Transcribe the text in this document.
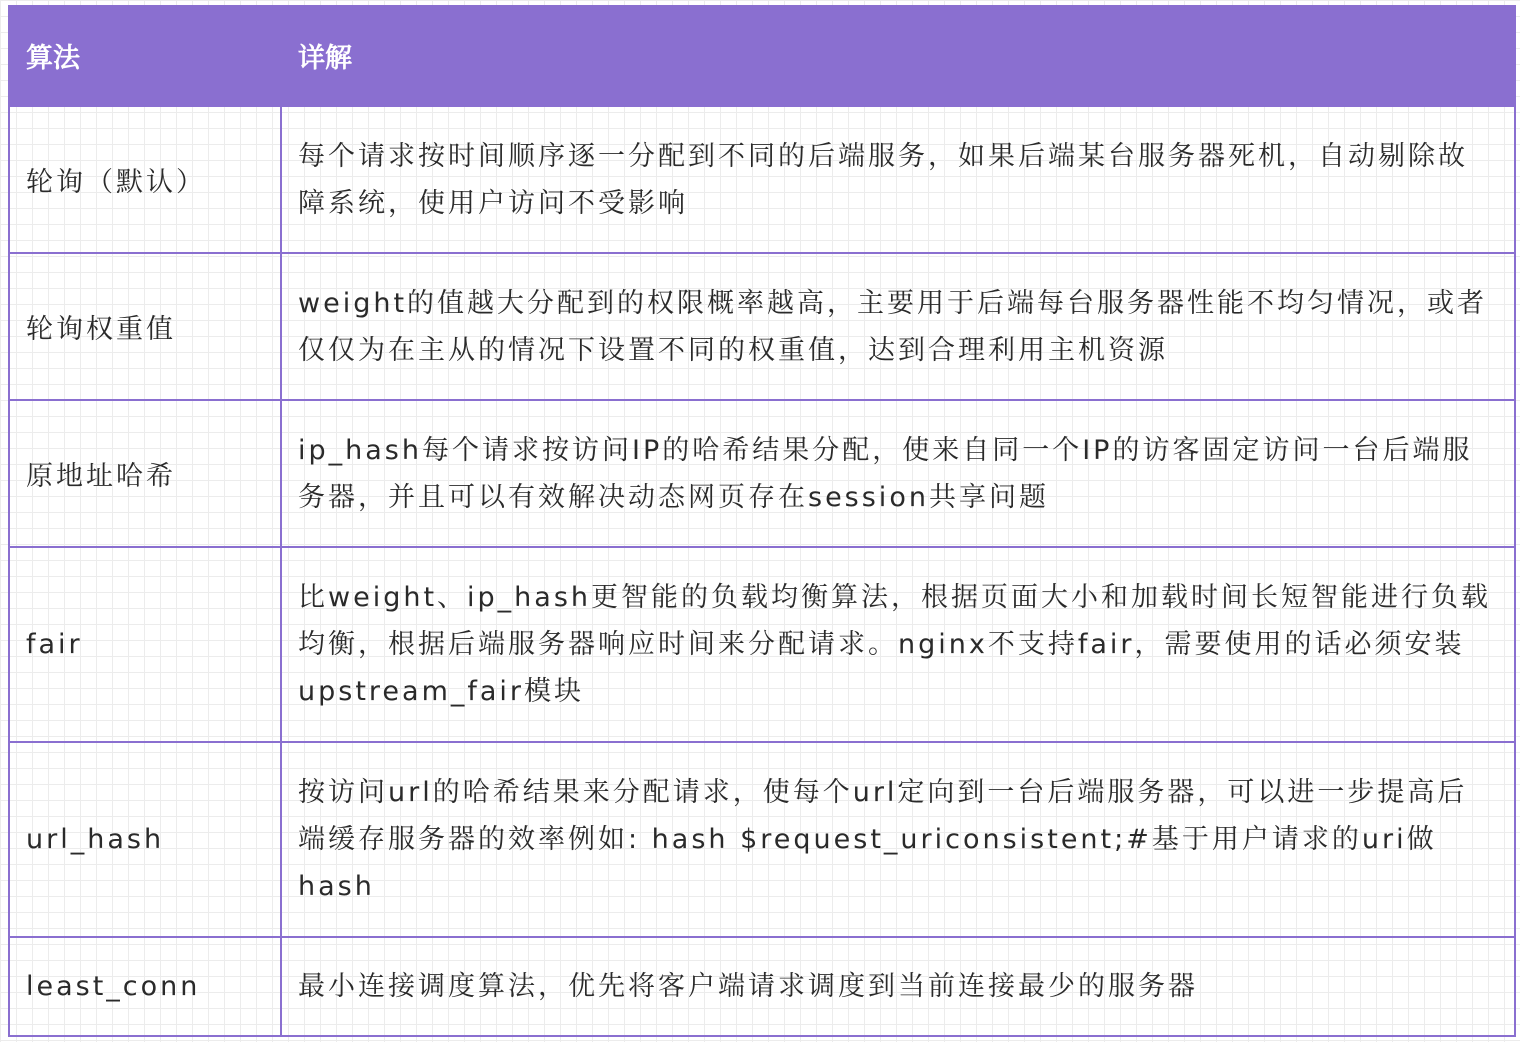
算法	详解
轮询（默认）
每个请求按时间顺序逐一分配到不同的后端服务，如果后端某台服务器死机，自动剔除故障系统，使用户访问不受影响
轮询权重值
weight的值越大分配到的权限概率越高，主要用于后端每台服务器性能不均匀情况，或者仅仅为在主从的情况下设置不同的权重值，达到合理利用主机资源
原地址哈希
ip_hash每个请求按访问IP的哈希结果分配，使来自同一个IP的访客固定访问一台后端服务器，并且可以有效解决动态网页存在session共享问题
fair
比weight、ip_hash更智能的负载均衡算法，根据页面大小和加载时间长短智能进行负载均衡，根据后端服务器响应时间来分配请求。nginx不支持fair，需要使用的话必须安装upstream_fair模块
url_hash
按访问url的哈希结果来分配请求，使每个url定向到一台后端服务器，可以进一步提高后端缓存服务器的效率例如: hash $request_uriconsistent;#基于用户请求的uri做hash
least_conn	最小连接调度算法，优先将客户端请求调度到当前连接最少的服务器
